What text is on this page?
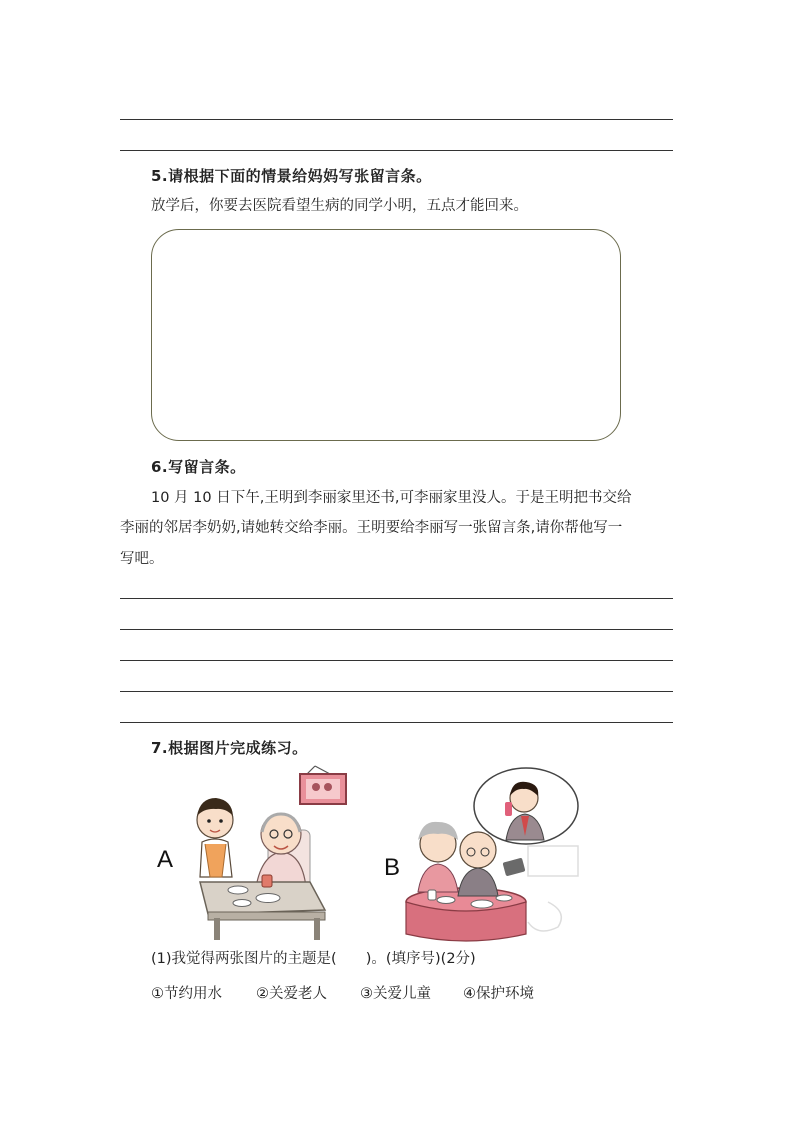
5.请根据下面的情景给妈妈写张留言条。
放学后，你要去医院看望生病的同学小明，五点才能回来。
6.写留言条。
10 月 10 日下午,王明到李丽家里还书,可李丽家里没人。于是王明把书交给
李丽的邻居李奶奶,请她转交给李丽。王明要给李丽写一张留言条,请你帮他写一
写吧。
7.根据图片完成练习。
A	B
(1)我觉得两张图片的主题是(　　)。(填序号)(2分)
①节约用水 ②关爱老人 ③关爱儿童 ④保护环境
